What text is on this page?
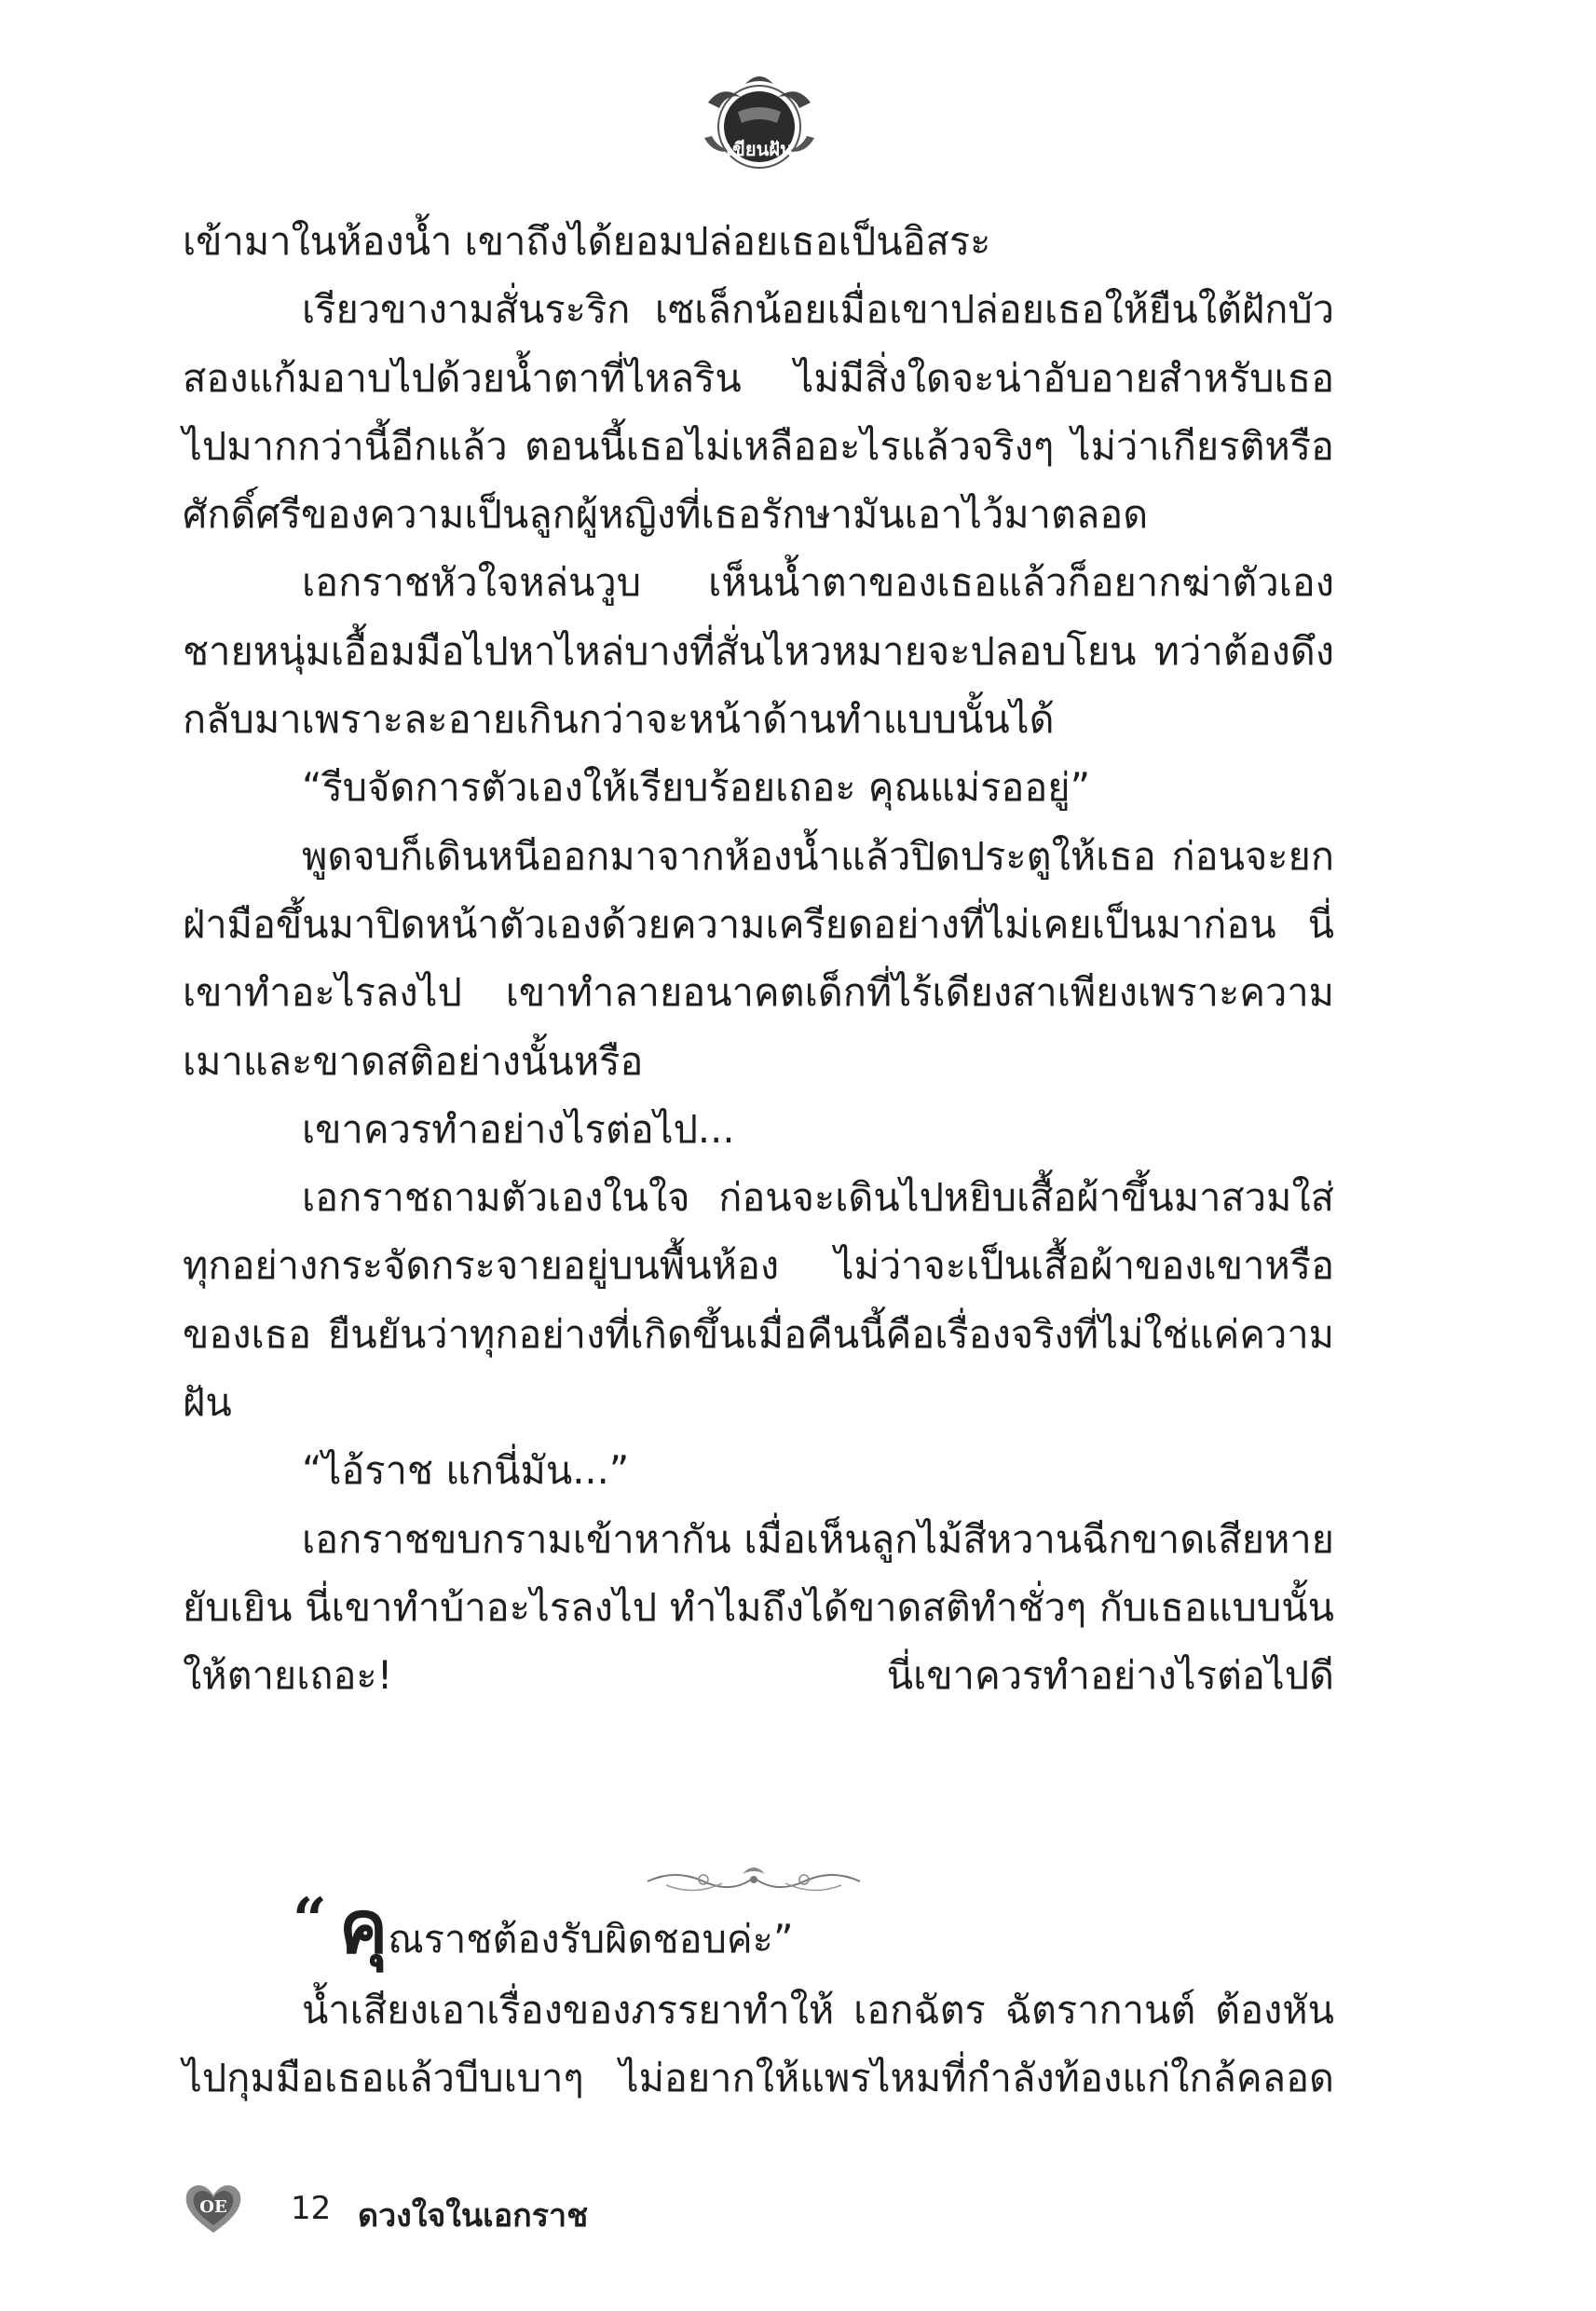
เขียนฝัน

เข้ามาในห้องน้ำ เขาถึงได้ยอมปล่อยเธอเป็นอิสระ

เรียวขางามสั่นระริก เซเล็กน้อยเมื่อเขาปล่อยเธอให้ยืนใต้ฝักบัว สองแก้มอาบไปด้วยน้ำตาที่ไหลริน ไม่มีสิ่งใดจะน่าอับอายสำหรับเธอไปมากกว่านี้อีกแล้ว ตอนนี้เธอไม่เหลืออะไรแล้วจริงๆ ไม่ว่าเกียรติหรือศักดิ์ศรีของความเป็นลูกผู้หญิงที่เธอรักษามันเอาไว้มาตลอด

เอกราชหัวใจหล่นวูบ เห็นน้ำตาของเธอแล้วก็อยากฆ่าตัวเอง ชายหนุ่มเอื้อมมือไปหาไหล่บางที่สั่นไหวหมายจะปลอบโยน ทว่าต้องดึงกลับมาเพราะละอายเกินกว่าจะหน้าด้านทำแบบนั้นได้

“รีบจัดการตัวเองให้เรียบร้อยเถอะ คุณแม่รออยู่”

พูดจบก็เดินหนีออกมาจากห้องน้ำแล้วปิดประตูให้เธอ ก่อนจะยกฝ่ามือขึ้นมาปิดหน้าตัวเองด้วยความเครียดอย่างที่ไม่เคยเป็นมาก่อน นี่เขาทำอะไรลงไป เขาทำลายอนาคตเด็กที่ไร้เดียงสาเพียงเพราะความเมาและขาดสติอย่างนั้นหรือ

เขาควรทำอย่างไรต่อไป...

เอกราชถามตัวเองในใจ ก่อนจะเดินไปหยิบเสื้อผ้าขึ้นมาสวมใส่ ทุกอย่างกระจัดกระจายอยู่บนพื้นห้อง ไม่ว่าจะเป็นเสื้อผ้าของเขาหรือของเธอ ยืนยันว่าทุกอย่างที่เกิดขึ้นเมื่อคืนนี้คือเรื่องจริงที่ไม่ใช่แค่ความฝัน

“ไอ้ราช แกนี่มัน...”

เอกราชขบกรามเข้าหากัน เมื่อเห็นลูกไม้สีหวานฉีกขาดเสียหายยับเยิน นี่เขาทำบ้าอะไรลงไป ทำไมถึงได้ขาดสติทำชั่วๆ กับเธอแบบนั้นให้ตายเถอะ! นี่เขาควรทำอย่างไรต่อไปดี

“ คุณราชต้องรับผิดชอบค่ะ”

น้ำเสียงเอาเรื่องของภรรยาทำให้ เอกฉัตร ฉัตรากานต์ ต้องหันไปกุมมือเธอแล้วบีบเบาๆ ไม่อยากให้แพรไหมที่กำลังท้องแก่ใกล้คลอด

OE 12 ดวงใจในเอกราช
